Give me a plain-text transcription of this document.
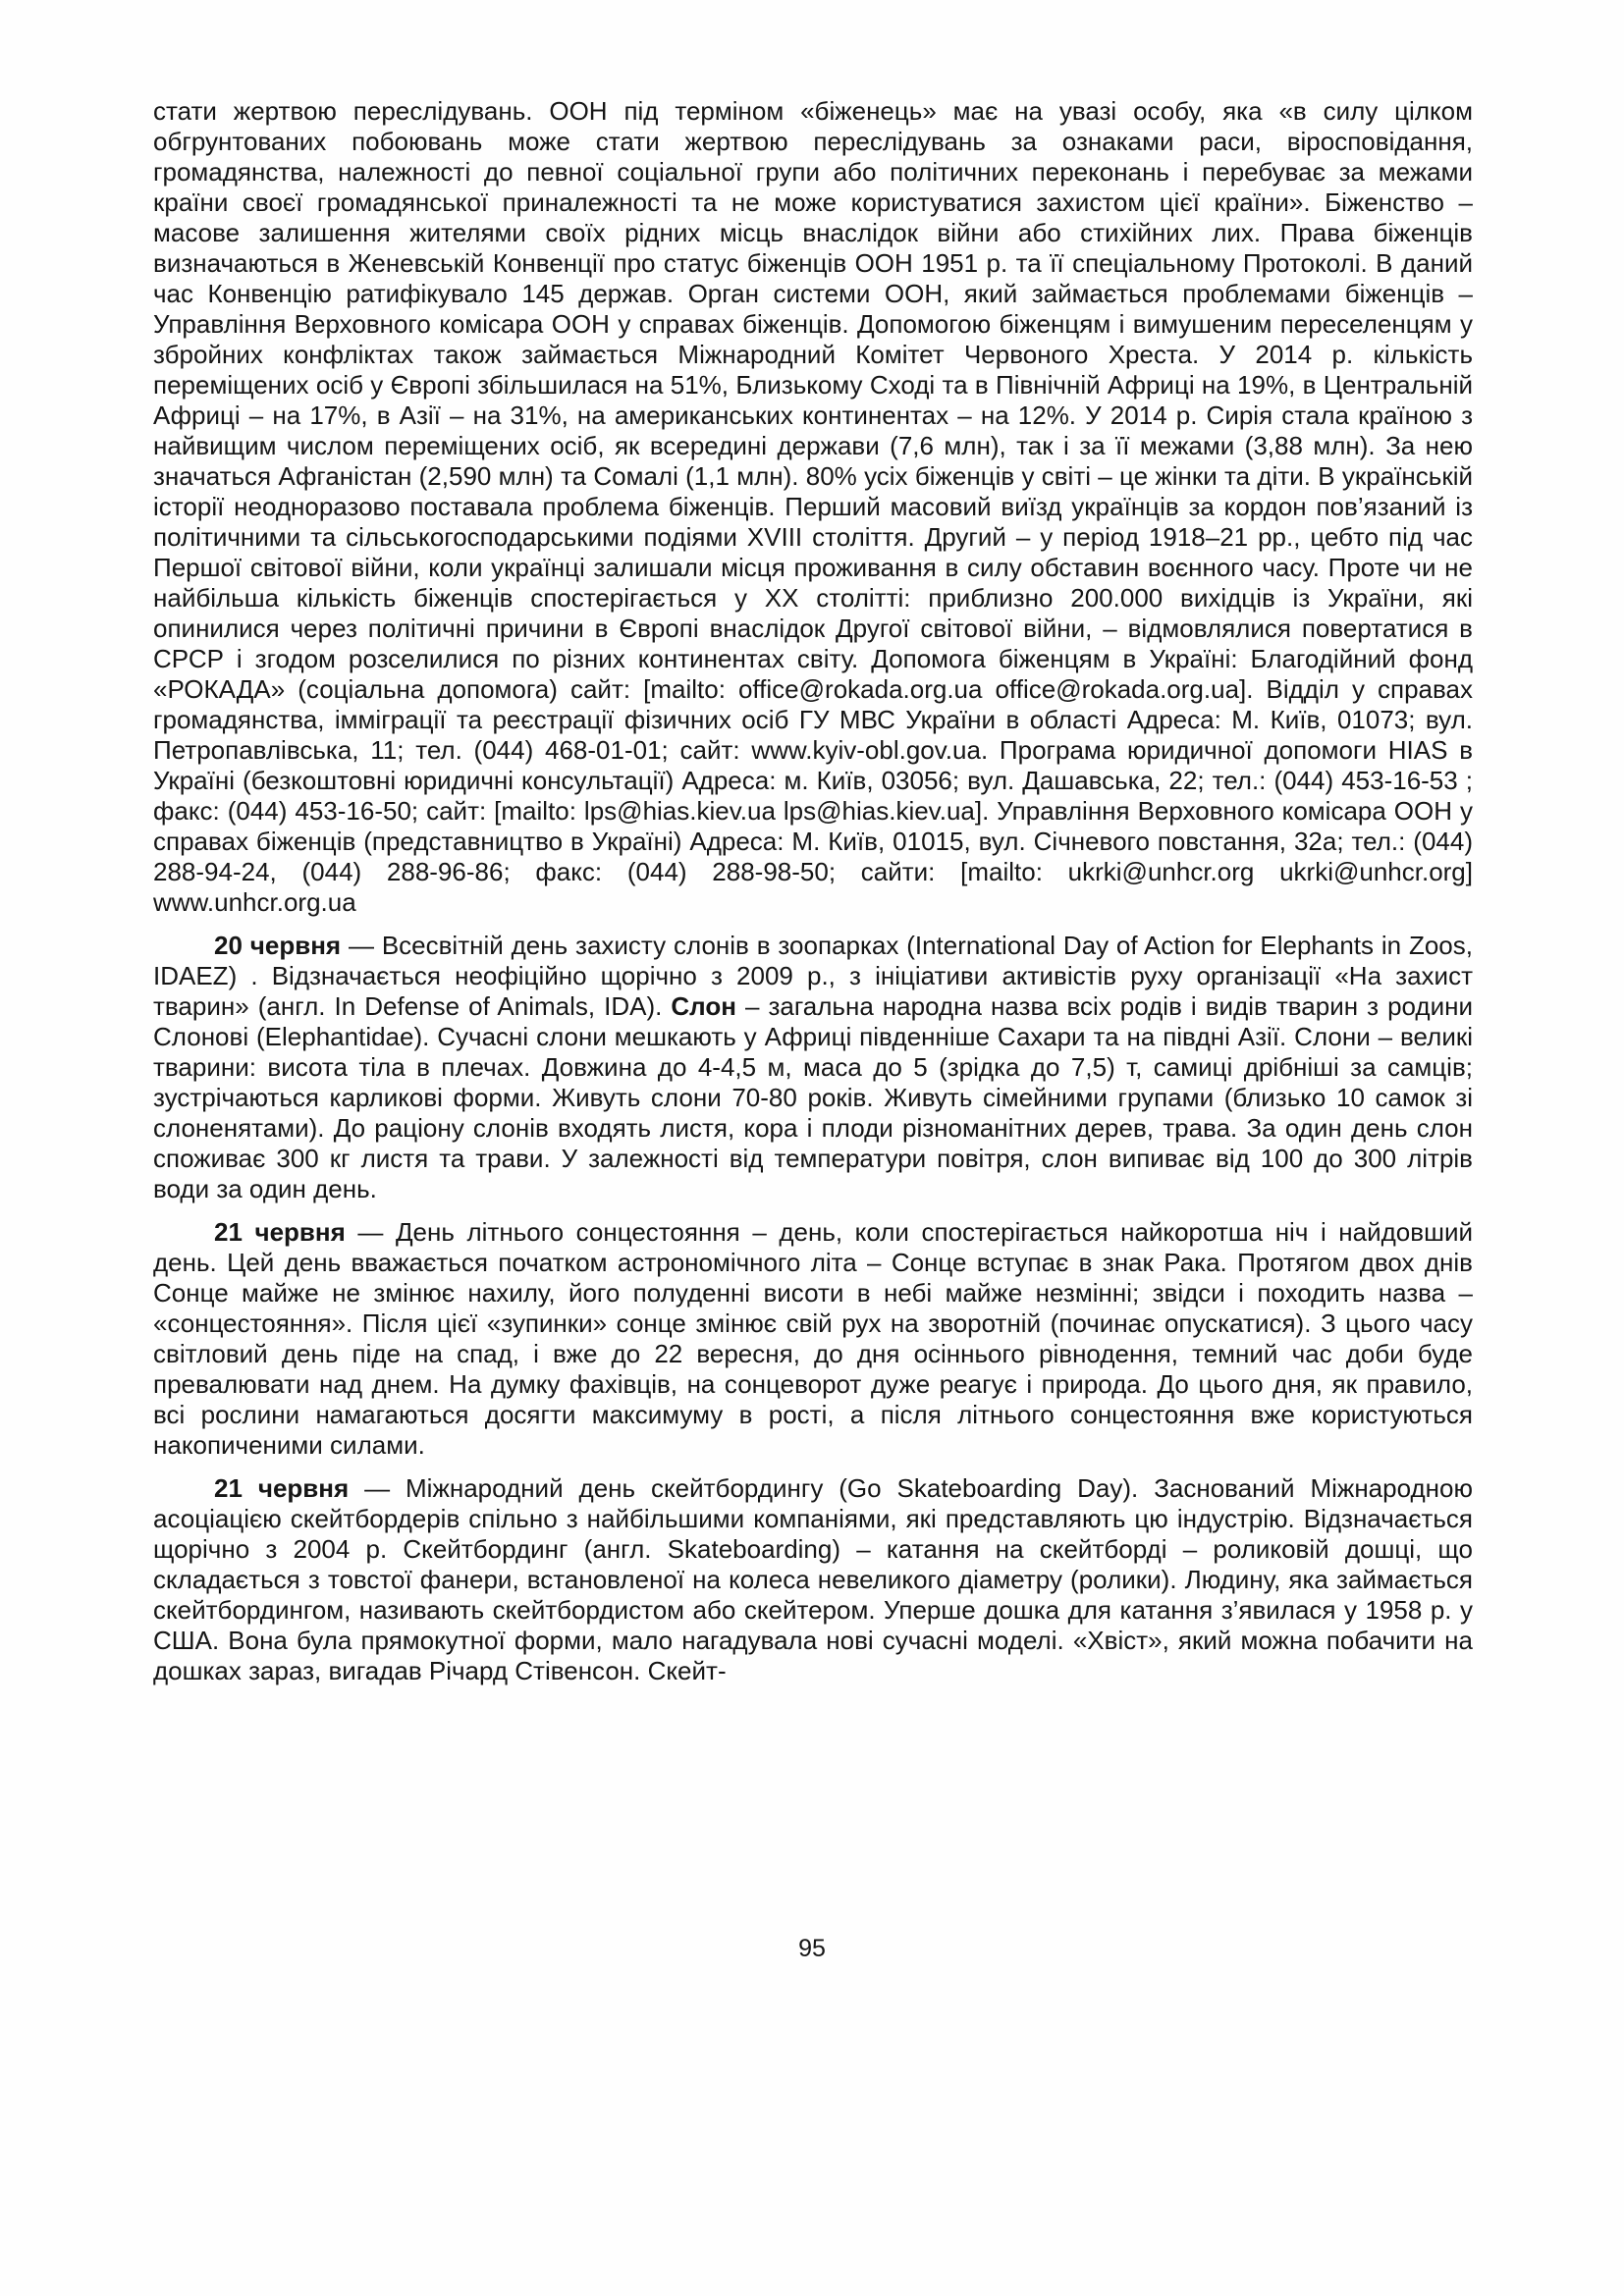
стати жертвою переслідувань. ООН під терміном «біженець» має на увазі особу, яка «в силу цілком обгрунтованих побоювань може стати жертвою переслідувань за ознаками раси, віросповідання, громадянства, належності до певної соціальної групи або політичних переконань і перебуває за межами країни своєї громадянської приналежності та не може користуватися захистом цієї країни». Біженство – масове залишення жителями своїх рідних місць внаслідок війни або стихійних лих. Права біженців визначаються в Женевській Конвенції про статус біженців ООН 1951 р. та її спеціальному Протоколі. В даний час Конвенцію ратифікувало 145 держав. Орган системи ООН, який займається проблемами біженців – Управління Верховного комісара ООН у справах біженців. Допомогою біженцям і вимушеним переселенцям у збройних конфліктах також займається Міжнародний Комітет Червоного Хреста. У 2014 р. кількість переміщених осіб у Європі збільшилася на 51%, Близькому Сході та в Північній Африці на 19%, в Центральній Африці – на 17%, в Азії – на 31%, на американських континентах – на 12%. У 2014 р. Сирія стала країною з найвищим числом переміщених осіб, як всередині держави (7,6 млн), так і за її межами (3,88 млн). За нею значаться Афганістан (2,590 млн) та Сомалі (1,1 млн). 80% усіх біженців у світі – це жінки та діти. В українській історії неодноразово поставала проблема біженців. Перший масовий виїзд українців за кордон пов’язаний із політичними та сільськогосподарськими подіями XVIII століття. Другий – у період 1918–21 рр., цебто під час Першої світової війни, коли українці залишали місця проживання в силу обставин воєнного часу. Проте чи не найбільша кількість біженців спостерігається у XX столітті: приблизно 200.000 вихідців із України, які опинилися через політичні причини в Європі внаслідок Другої світової війни, – відмовлялися повертатися в СРСР і згодом розселилися по різних континентах світу. Допомога біженцям в Україні: Благодійний фонд «РОКАДА» (соціальна допомога) сайт: [mailto: office@rokada.org.ua office@rokada.org.ua]. Відділ у справах громадянства, імміграції та реєстрації фізичних осіб ГУ МВС України в області Адреса: М. Київ, 01073; вул. Петропавлівська, 11; тел. (044) 468-01-01; сайт: www.kyiv-obl.gov.ua. Програма юридичної допомоги HIAS в Україні (безкоштовні юридичні консультації) Адреса: м. Київ, 03056; вул. Дашавська, 22; тел.: (044) 453-16-53 ; факс: (044) 453-16-50; сайт: [mailto: lps@hias.kiev.ua lps@hias.kiev.ua]. Управління Верховного комісара ООН у справах біженців (представництво в Україні) Адреса: М. Київ, 01015, вул. Січневого повстання, 32а; тел.: (044) 288-94-24, (044) 288-96-86; факс: (044) 288-98-50; сайти: [mailto: ukrki@unhcr.org ukrki@unhcr.org] www.unhcr.org.ua

20 червня — Всесвітній день захисту слонів в зоопарках (International Day of Action for Elephants in Zoos, IDAEZ) . Відзначається неофіційно щорічно з 2009 р., з ініціативи активістів руху організації «На захист тварин» (англ. In Defense of Animals, IDA). Слон – загальна народна назва всіх родів і видів тварин з родини Слонові (Elephantidae). Сучасні слони мешкають у Африці південніше Сахари та на півдні Азії. Слони – великі тварини: висота тіла в плечах. Довжина до 4-4,5 м, маса до 5 (зрідка до 7,5) т, самиці дрібніші за самців; зустрічаються карликові форми. Живуть слони 70-80 років. Живуть сімейними групами (близько 10 самок зі слоненятами). До раціону слонів входять листя, кора і плоди різноманітних дерев, трава. За один день слон споживає 300 кг листя та трави. У залежності від температури повітря, слон випиває від 100 до 300 літрів води за один день.

21 червня — День літнього сонцестояння – день, коли спостерігається найкоротша ніч і найдовший день. Цей день вважається початком астрономічного літа – Сонце вступає в знак Рака. Протягом двох днів Сонце майже не змінює нахилу, його полуденні висоти в небі майже незмінні; звідси і походить назва – «сонцестояння». Після цієї «зупинки» сонце змінює свій рух на зворотній (починає опускатися). З цього часу світловий день піде на спад, і вже до 22 вересня, до дня осіннього рівнодення, темний час доби буде превалювати над днем. На думку фахівців, на сонцеворот дуже реагує і природа. До цього дня, як правило, всі рослини намагаються досягти максимуму в рості, а після літнього сонцестояння вже користуються накопиченими силами.

21 червня — Міжнародний день скейтбордингу (Go Skateboarding Day). Заснований Міжнародною асоціацією скейтбордерів спільно з найбільшими компаніями, які представляють цю індустрію. Відзначається щорічно з 2004 р. Скейтбординг (англ. Skateboarding) – катання на скейтборді – роликовій дошці, що складається з товстої фанери, встановленої на колеса невеликого діаметру (ролики). Людину, яка займається скейтбордингом, називають скейтбордистом або скейтером. Уперше дошка для катання з’явилася у 1958 р. у США. Вона була прямокутної форми, мало нагадувала нові сучасні моделі. «Хвіст», який можна побачити на дошках зараз, вигадав Річард Стівенсон. Скейт-

95
